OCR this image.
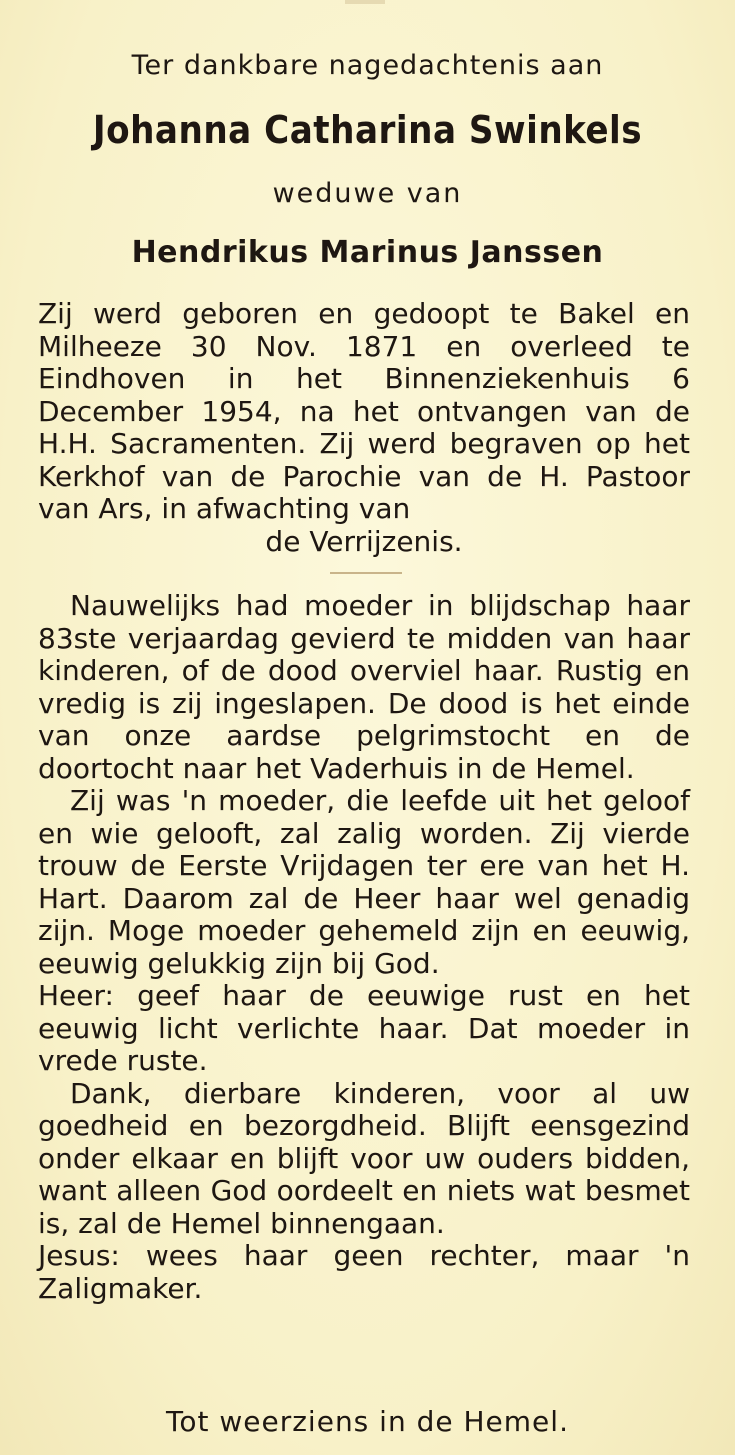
Ter dankbare nagedachtenis aan
Johanna Catharina Swinkels
weduwe van
Hendrikus Marinus Janssen

Zij werd geboren en gedoopt te Bakel en Milheeze 30 Nov. 1871 en overleed te Eindhoven in het Binnenziekenhuis 6 December 1954, na het ontvangen van de H.H. Sacramenten. Zij werd begraven op het Kerkhof van de Parochie van de H. Pastoor van Ars, in afwachting van

de Verrijzenis.

Nauwelijks had moeder in blijdschap haar 83ste verjaardag gevierd te midden van haar kinderen, of de dood overviel haar. Rustig en vredig is zij ingeslapen. De dood is het einde van onze aardse pelgrimstocht en de doortocht naar het Vaderhuis in de Hemel.

Zij was 'n moeder, die leefde uit het geloof en wie gelooft, zal zalig worden. Zij vierde trouw de Eerste Vrijdagen ter ere van het H. Hart. Daarom zal de Heer haar wel genadig zijn. Moge moeder gehemeld zijn en eeuwig, eeuwig gelukkig zijn bij God.

Heer: geef haar de eeuwige rust en het eeuwig licht verlichte haar. Dat moeder in vrede ruste.

Dank, dierbare kinderen, voor al uw goedheid en bezorgdheid. Blijft eensgezind onder elkaar en blijft voor uw ouders bidden, want alleen God oordeelt en niets wat besmet is, zal de Hemel binnengaan.

Jesus: wees haar geen rechter, maar 'n Zaligmaker.

Tot weerziens in de Hemel.
